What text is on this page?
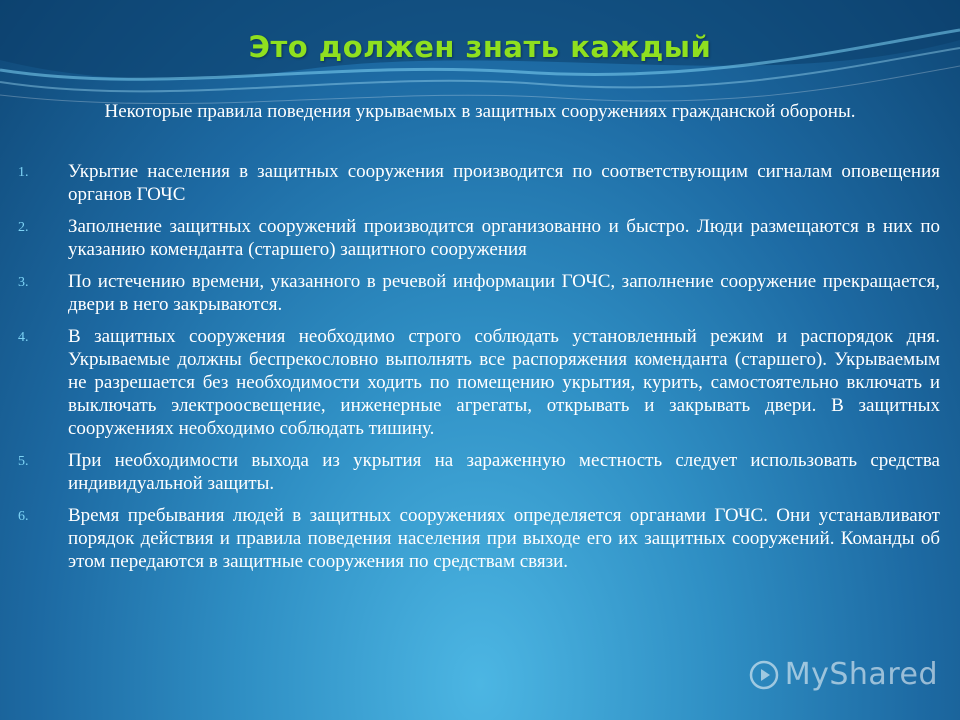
Это должен знать каждый
Некоторые правила поведения укрываемых в защитных сооружениях гражданской обороны.
1. Укрытие населения в защитных сооружения производится по соответствующим сигналам оповещения органов ГОЧС
2. Заполнение защитных сооружений производится организованно и быстро. Люди размещаются в них по указанию коменданта (старшего) защитного сооружения
3. По истечению времени, указанного в речевой информации ГОЧС, заполнение сооружение прекращается, двери в него закрываются.
4. В защитных сооружения необходимо строго соблюдать установленный режим и распорядок дня. Укрываемые должны беспрекословно выполнять все распоряжения коменданта (старшего). Укрываемым не разрешается без необходимости ходить по помещению укрытия, курить, самостоятельно включать и выключать электроосвещение, инженерные агрегаты, открывать и закрывать двери. В защитных сооружениях необходимо соблюдать тишину.
5. При необходимости выхода из укрытия на зараженную местность следует использовать средства индивидуальной защиты.
6. Время пребывания людей в защитных сооружениях определяется органами ГОЧС. Они устанавливают порядок действия и правила поведения населения при выходе его их защитных сооружений. Команды об этом передаются в защитные сооружения по средствам связи.
MyShared
